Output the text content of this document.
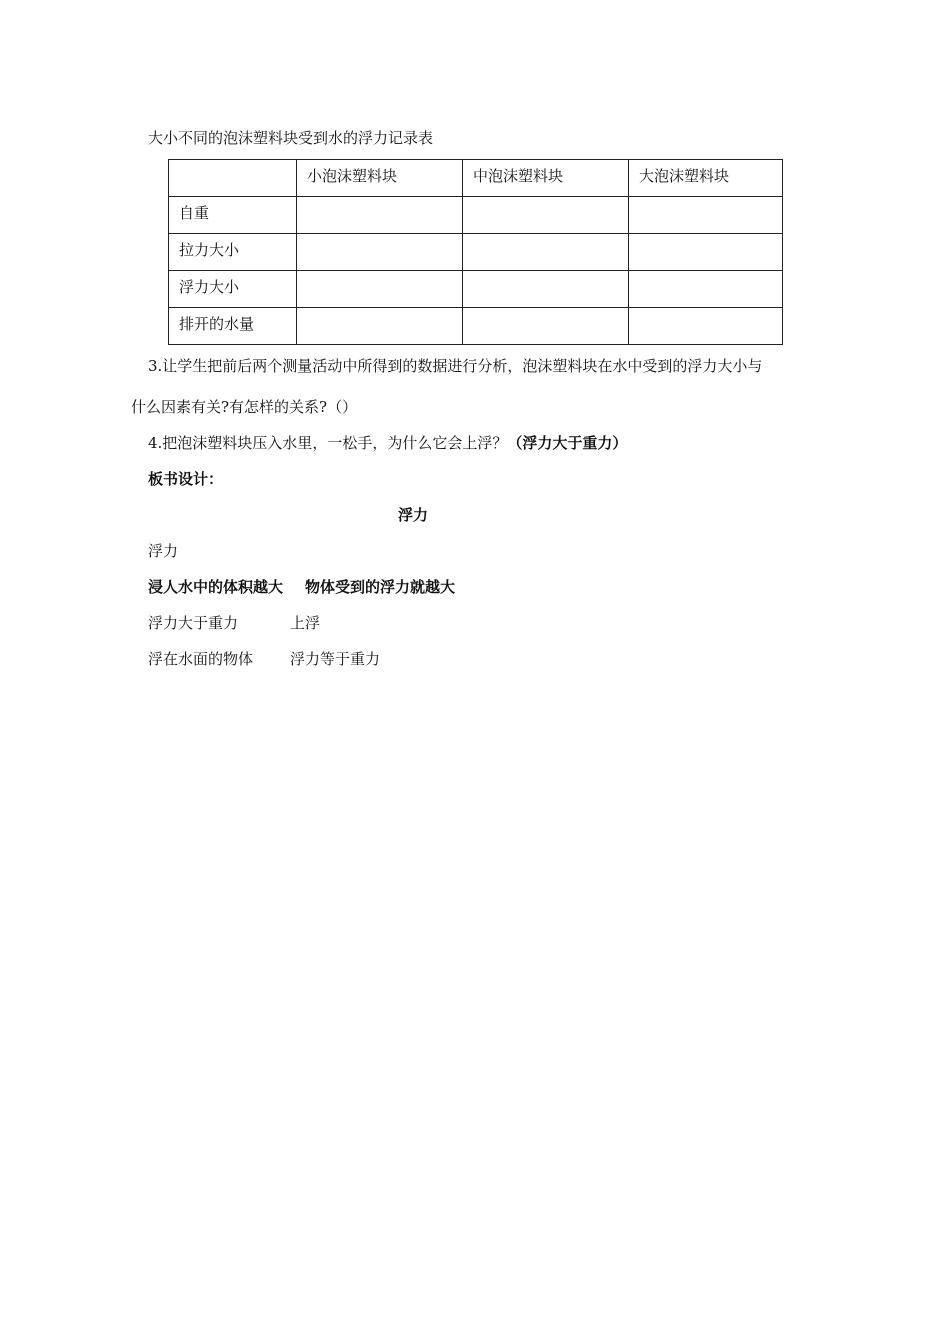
大小不同的泡沫塑料块受到水的浮力记录表
	小泡沫塑料块	中泡沫塑料块	大泡沫塑料块
自重			
拉力大小			
浮力大小			
排开的水量			
3.让学生把前后两个测量活动中所得到的数据进行分析，泡沫塑料块在水中受到的浮力大小与
什么因素有关?有怎样的关系?（）
4.把泡沫塑料块压入水里，一松手，为什么它会上浮？（浮力大于重力）
板书设计：
浮力
浮力
浸人水中的体积越大 物体受到的浮力就越大
浮力大于重力	上浮
浮在水面的物体 浮力等于重力
